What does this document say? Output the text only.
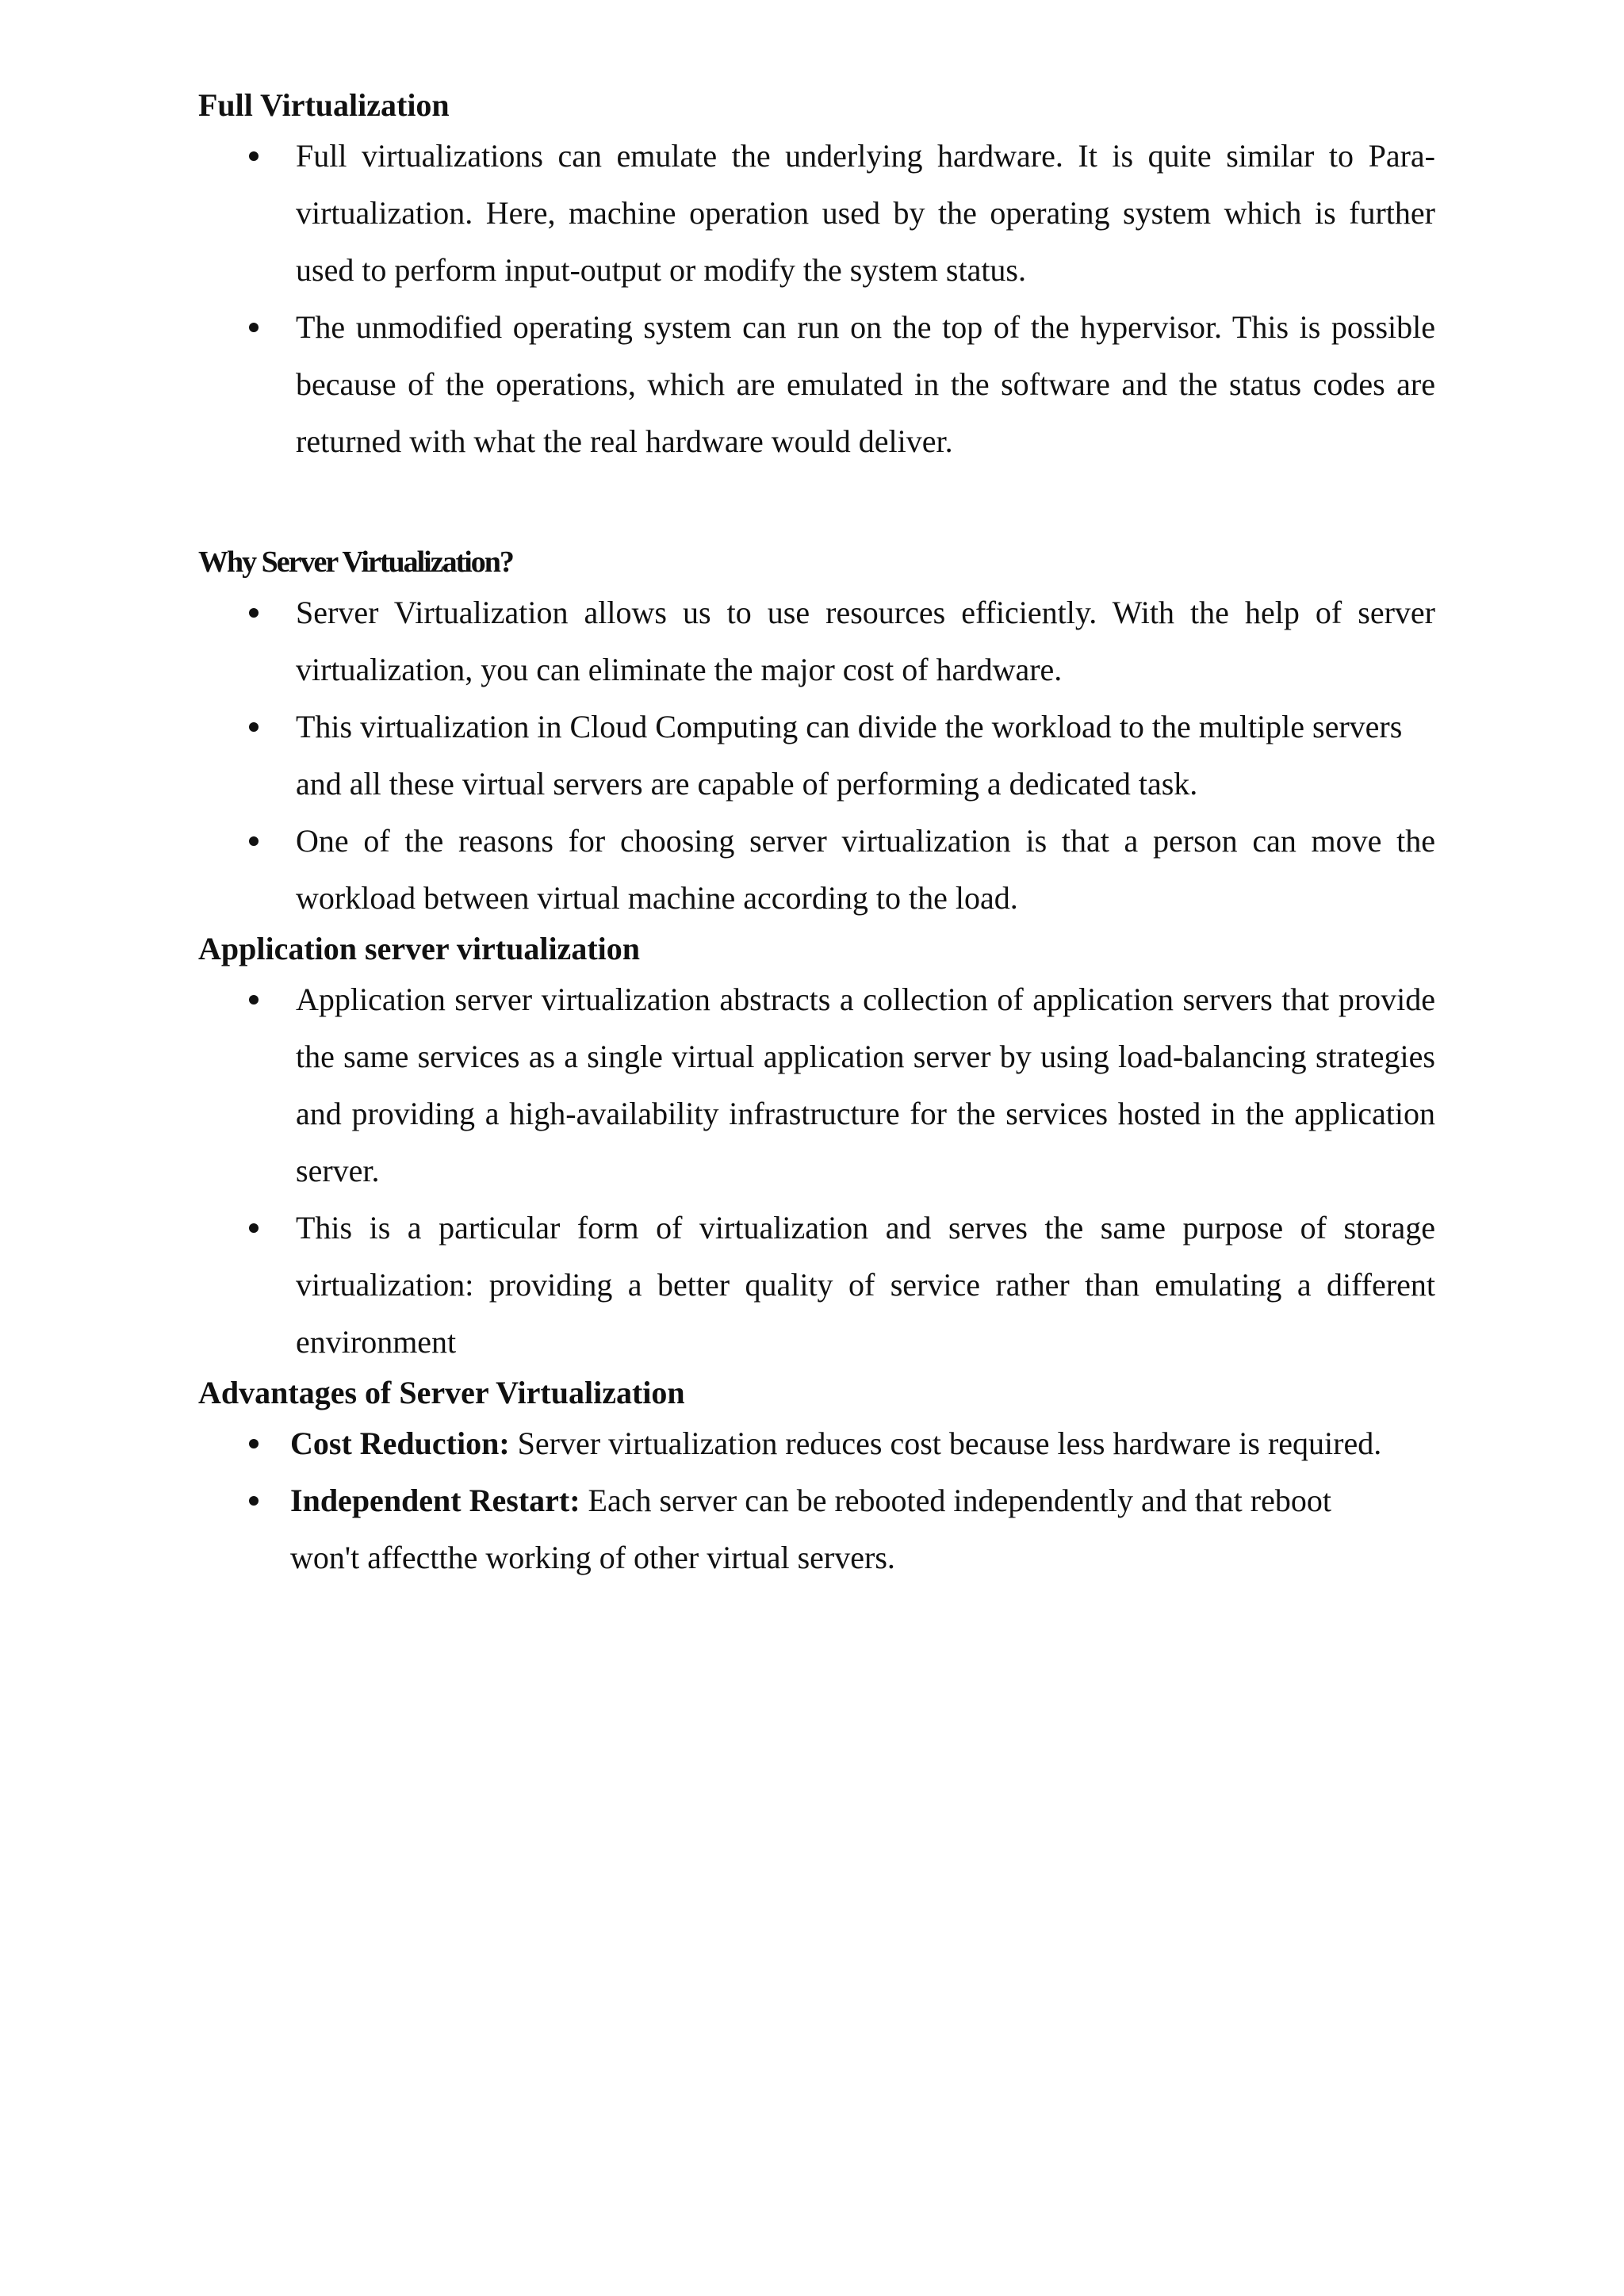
Full Virtualization
Full virtualizations can emulate the underlying hardware. It is quite similar to Para-virtualization. Here, machine operation used by the operating system which is further used to perform input-output or modify the system status.
The unmodified operating system can run on the top of the hypervisor. This is possible because of the operations, which are emulated in the software and the status codes are returned with what the real hardware would deliver.
Why Server Virtualization?
Server Virtualization allows us to use resources efficiently. With the help of server virtualization, you can eliminate the major cost of hardware.
This virtualization in Cloud Computing can divide the workload to the multiple servers and all these virtual servers are capable of performing a dedicated task.
One of the reasons for choosing server virtualization is that a person can move the workload between virtual machine according to the load.
Application server virtualization
Application server virtualization abstracts a collection of application servers that provide the same services as a single virtual application server by using load-balancing strategies and providing a high-availability infrastructure for the services hosted in the application server.
This is a particular form of virtualization and serves the same purpose of storage virtualization: providing a better quality of service rather than emulating a different environment
Advantages of Server Virtualization
Cost Reduction: Server virtualization reduces cost because less hardware is required.
Independent Restart: Each server can be rebooted independently and that reboot won't affectthe working of other virtual servers.
